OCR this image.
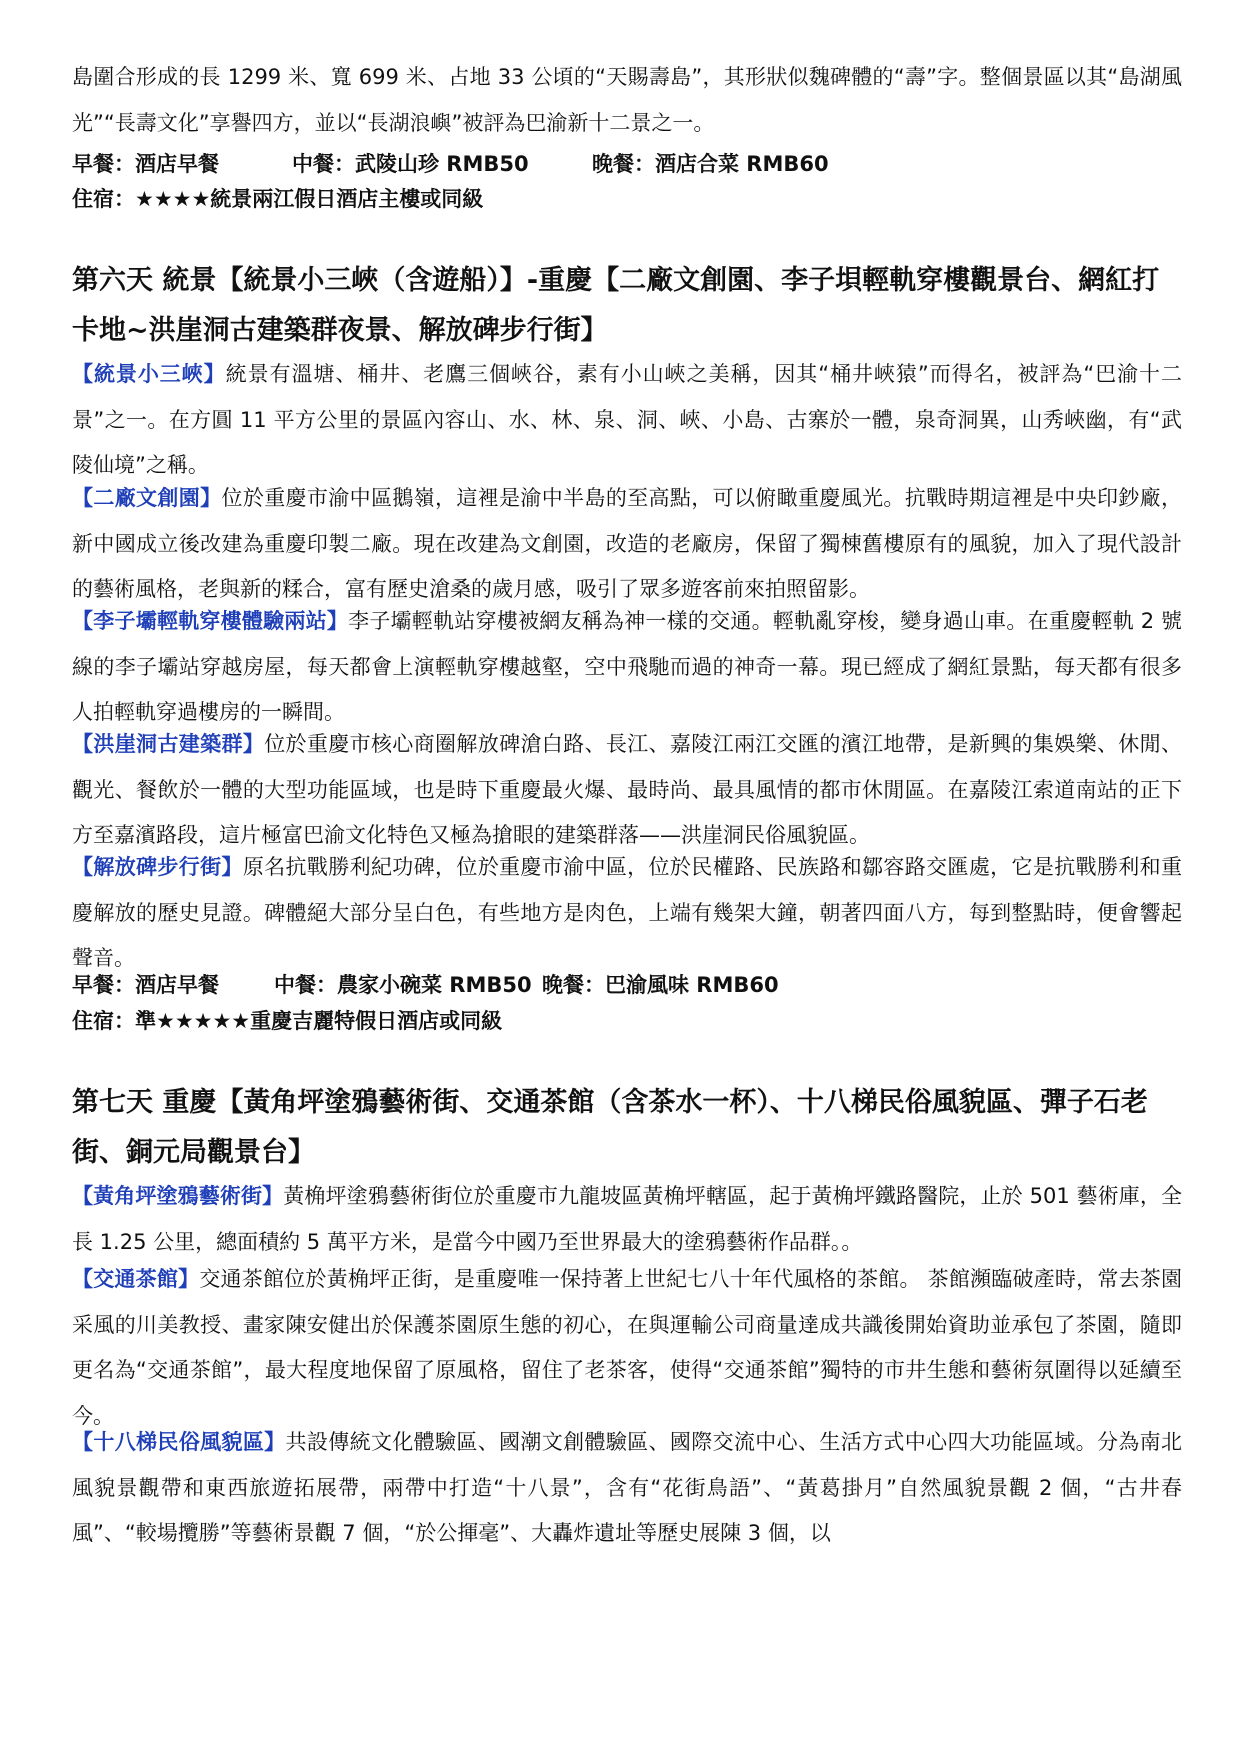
島圍合形成的長 1299 米、寬 699 米、占地 33 公頃的“天賜壽島”，其形狀似魏碑體的“壽”字。整個景區以其“島湖風光”“長壽文化”享譽四方，並以“長湖浪嶼”被評為巴渝新十二景之一。

早餐：酒店早餐	中餐：武陵山珍 RMB50	晚餐：酒店合菜 RMB60
住宿：★★★★統景兩江假日酒店主樓或同級
第六天 統景【統景小三峽（含遊船）】-重慶【二廠文創園、李子垻輕軌穿樓觀景台、網紅打卡地~洪崖洞古建築群夜景、解放碑步行街】

【統景小三峽】統景有溫塘、桶井、老鷹三個峽谷，素有小山峽之美稱，因其“桶井峽猿”而得名，被評為“巴渝十二景”之一。在方圓 11 平方公里的景區內容山、水、林、泉、洞、峽、小島、古寨於一體，泉奇洞異，山秀峽幽，有“武陵仙境”之稱。

【二廠文創園】位於重慶市渝中區鵝嶺，這裡是渝中半島的至高點，可以俯瞰重慶風光。抗戰時期這裡是中央印鈔廠，新中國成立後改建為重慶印製二廠。現在改建為文創園，改造的老廠房，保留了獨棟舊樓原有的風貌，加入了現代設計的藝術風格，老與新的糅合，富有歷史滄桑的歲月感，吸引了眾多遊客前來拍照留影。

【李子壩輕軌穿樓體驗兩站】李子壩輕軌站穿樓被網友稱為神一樣的交通。輕軌亂穿梭，變身過山車。在重慶輕軌 2 號線的李子壩站穿越房屋，每天都會上演輕軌穿樓越壑，空中飛馳而過的神奇一幕。現已經成了網紅景點，每天都有很多人拍輕軌穿過樓房的一瞬間。

【洪崖洞古建築群】位於重慶市核心商圈解放碑滄白路、長江、嘉陵江兩江交匯的濱江地帶，是新興的集娛樂、休閒、觀光、餐飲於一體的大型功能區域，也是時下重慶最火爆、最時尚、最具風情的都市休閒區。在嘉陵江索道南站的正下方至嘉濱路段，這片極富巴渝文化特色又極為搶眼的建築群落——洪崖洞民俗風貌區。

【解放碑步行街】原名抗戰勝利紀功碑，位於重慶市渝中區，位於民權路、民族路和鄒容路交匯處，它是抗戰勝利和重慶解放的歷史見證。碑體絕大部分呈白色，有些地方是肉色，上端有幾架大鐘，朝著四面八方，每到整點時，便會響起聲音。

早餐：酒店早餐	中餐：農家小碗菜 RMB50 晚餐：巴渝風味 RMB60
住宿：準★★★★★重慶吉麗特假日酒店或同級
第七天 重慶【黃角坪塗鴉藝術街、交通茶館（含茶水一杯）、十八梯民俗風貌區、彈子石老街、銅元局觀景台】

【黃角坪塗鴉藝術街】黃桷坪塗鴉藝術街位於重慶市九龍坡區黃桷坪轄區，起于黃桷坪鐵路醫院，止於 501 藝術庫，全長 1.25 公里，總面積約 5 萬平方米，是當今中國乃至世界最大的塗鴉藝術作品群。。

【交通茶館】交通茶館位於黃桷坪正街，是重慶唯一保持著上世紀七八十年代風格的茶館。 茶館瀕臨破產時，常去茶園采風的川美教授、畫家陳安健出於保護茶園原生態的初心，在與運輸公司商量達成共識後開始資助並承包了茶園，隨即更名為“交通茶館”，最大程度地保留了原風格，留住了老茶客，使得“交通茶館”獨特的市井生態和藝術氛圍得以延續至今。

【十八梯民俗風貌區】共設傳統文化體驗區、國潮文創體驗區、國際交流中心、生活方式中心四大功能區域。分為南北風貌景觀帶和東西旅遊拓展帶，兩帶中打造“十八景”，含有“花街鳥語”、“黃葛掛月”自然風貌景觀 2 個，“古井春風”、“較場攬勝”等藝術景觀 7 個，“於公揮毫”、大轟炸遺址等歷史展陳 3 個，以
